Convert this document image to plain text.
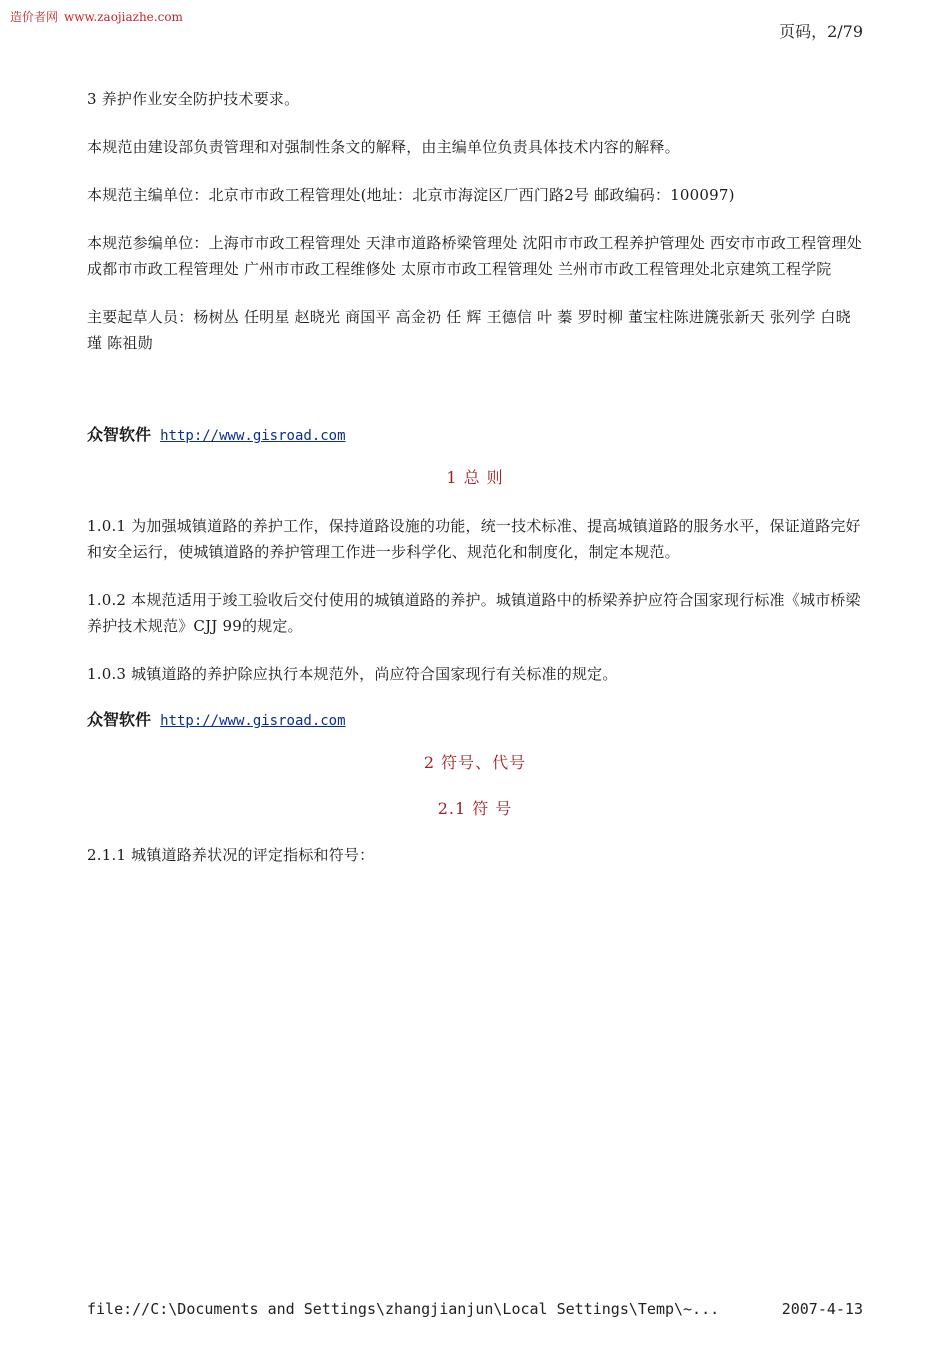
造价者网 www.zaojiazhe.com
页码，2/79

3 养护作业安全防护技术要求。

本规范由建设部负责管理和对强制性条文的解释，由主编单位负责具体技术内容的解释。

本规范主编单位：北京市市政工程管理处(地址：北京市海淀区厂西门路2号 邮政编码：100097)

本规范参编单位：上海市市政工程管理处 天津市道路桥梁管理处 沈阳市市政工程养护管理处 西安市市政工程管理处 成都市市政工程管理处 广州市市政工程维修处 太原市市政工程管理处 兰州市市政工程管理处北京建筑工程学院

主要起草人员：杨树丛 任明星 赵晓光 商国平 高金礽 任 辉 王德信 叶 蓁 罗时柳 董宝柱陈进篪张新天 张列学 白晓瑾 陈祖勋

众智软件 http://www.gisroad.com
1 总 则

1.0.1 为加强城镇道路的养护工作，保持道路设施的功能，统一技术标准、提高城镇道路的服务水平，保证道路完好和安全运行，使城镇道路的养护管理工作进一步科学化、规范化和制度化，制定本规范。

1.0.2 本规范适用于竣工验收后交付使用的城镇道路的养护。城镇道路中的桥梁养护应符合国家现行标准《城市桥梁养护技术规范》CJJ 99的规定。

1.0.3 城镇道路的养护除应执行本规范外，尚应符合国家现行有关标准的规定。

众智软件 http://www.gisroad.com
2 符号、代号
2.1 符 号

2.1.1 城镇道路养状况的评定指标和符号：

file://C:\Documents and Settings\zhangjianjun\Local Settings\Temp\~...	2007-4-13
